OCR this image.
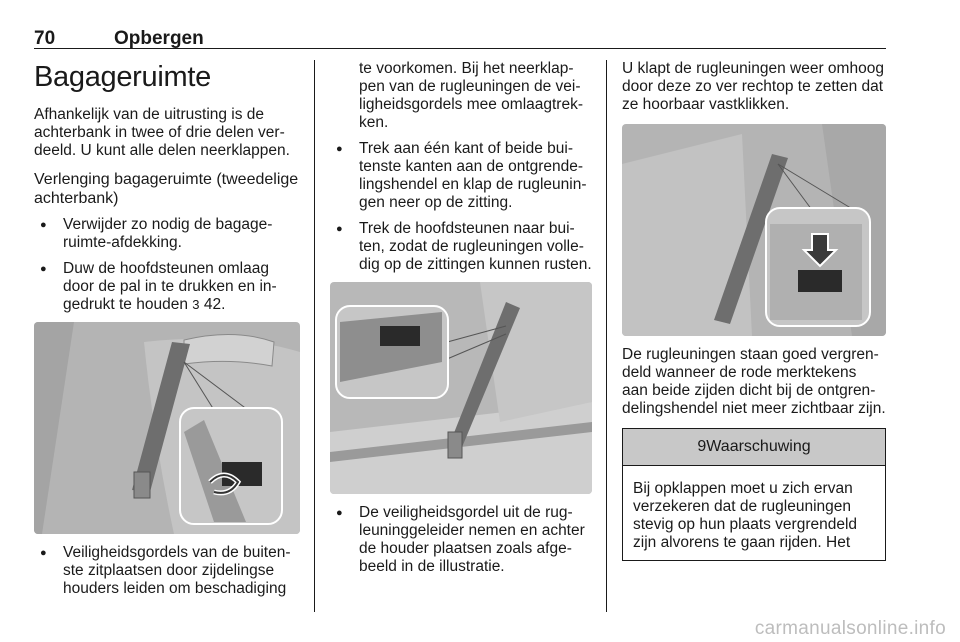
70	Opbergen
Bagageruimte

Afhankelijk van de uitrusting is de achterbank in twee of drie delen verdeeld. U kunt alle delen neerklappen.

Verlenging bagageruimte (tweedelige achterbank)
● Verwijder zo nodig de bagageruimte-afdekking.
● Duw de hoofdsteunen omlaag door de pal in te drukken en ingedrukt te houden 3 42.
● Veiligheidsgordels van de buitenste zitplaatsen door zijdelingse houders leiden om beschadiging

te voorkomen. Bij het neerklappen van de rugleuningen de veiligheidsgordels mee omlaagtrekken.

● Trek aan één kant of beide buitenste kanten aan de ontgrendelingshendel en klap de rugleuningen neer op de zitting.
● Trek de hoofdsteunen naar buiten, zodat de rugleuningen volledig op de zittingen kunnen rusten.
● De veiligheidsgordel uit de rugleuninggeleider nemen en achter de houder plaatsen zoals afgebeeld in de illustratie.

U klapt de rugleuningen weer omhoog door deze zo ver rechtop te zetten dat ze hoorbaar vastklikken.

De rugleuningen staan goed vergrendeld wanneer de rode merktekens aan beide zijden dicht bij de ontgrendelingshendel niet meer zichtbaar zijn.

9Waarschuwing
Bij opklappen moet u zich ervan verzekeren dat de rugleuningen stevig op hun plaats vergrendeld zijn alvorens te gaan rijden. Het
carmanualsonline.info
